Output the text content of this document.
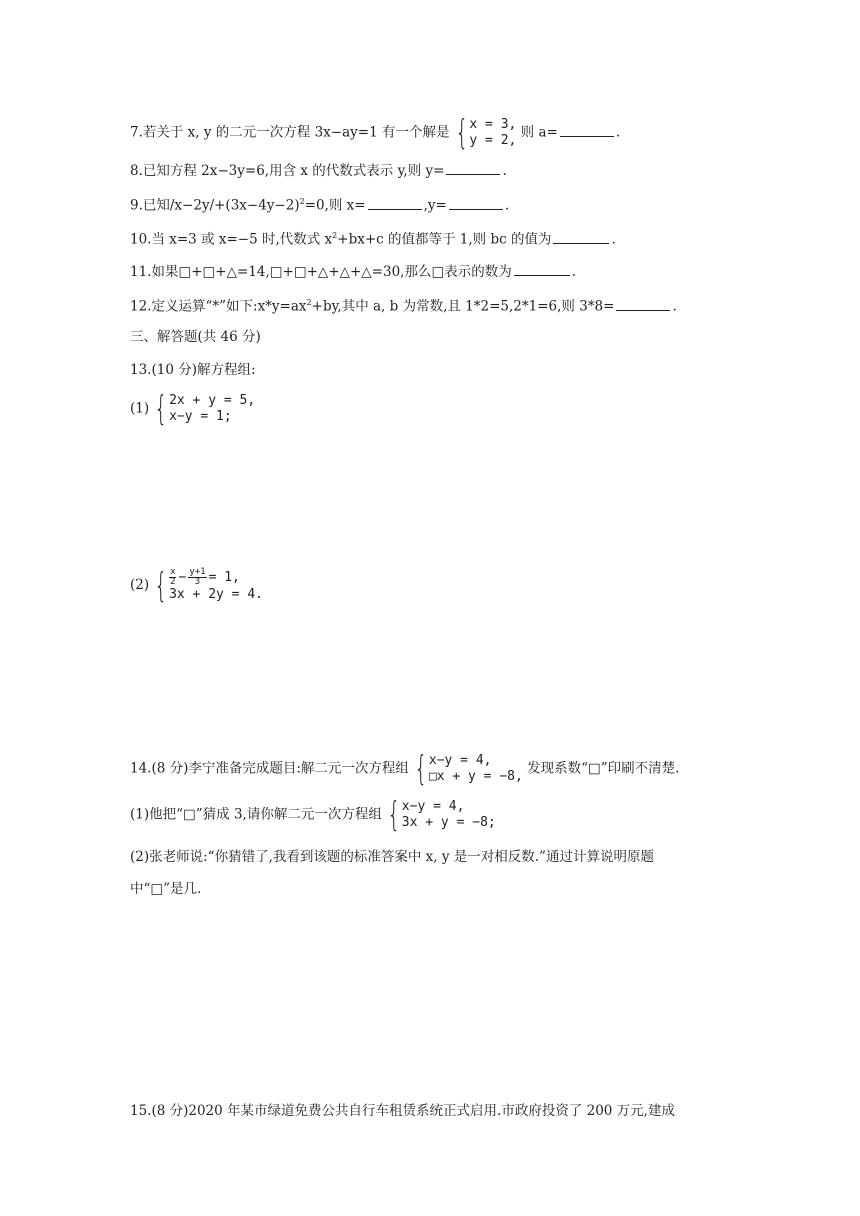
7.若关于 x, y 的二元一次方程 3x−ay=1 有一个解是 { x = 3,
y = 2, 则 a=	.
8.已知方程 2x−3y=6,用含 x 的代数式表示 y,则 y=	.
9.已知$/x-2y/+(3x-4y-2)^2=0$,则 x=	,y=	.
10.当 x=3 或 x=−5 时,代数式 $x^2+bx+c$ 的值都等于 1,则 bc 的值为	.
11.如果□+□+△=14,□+□+△+△+△=30,那么□表示的数为	.
12.定义运算“*”如下$:x*y=ax^2+by$,其中 a, b 为常数,且 1*2=5,2*1=6,则 3*8=	.
三、解答题(共 46 分)
13.(10 分)解方程组:
(1) { 2x + y = 5,
x−y = 1;
(2) { $\frac{x}{2} - \frac{y+1}{3} = 1$,
3x + 2y = 4.
14.(8 分)李宁准备完成题目:解二元一次方程组 { x−y = 4,
□x + y = −8, 发现系数“□”印刷不清楚.
(1)他把“□”猜成 3,请你解二元一次方程组 { x−y = 4,
3x + y = −8;
(2)张老师说:“你猜错了,我看到该题的标准答案中 x, y 是一对相反数.”通过计算说明原题
中“□”是几.
15.(8 分)2020 年某市绿道免费公共自行车租赁系统正式启用.市政府投资了 200 万元,建成
